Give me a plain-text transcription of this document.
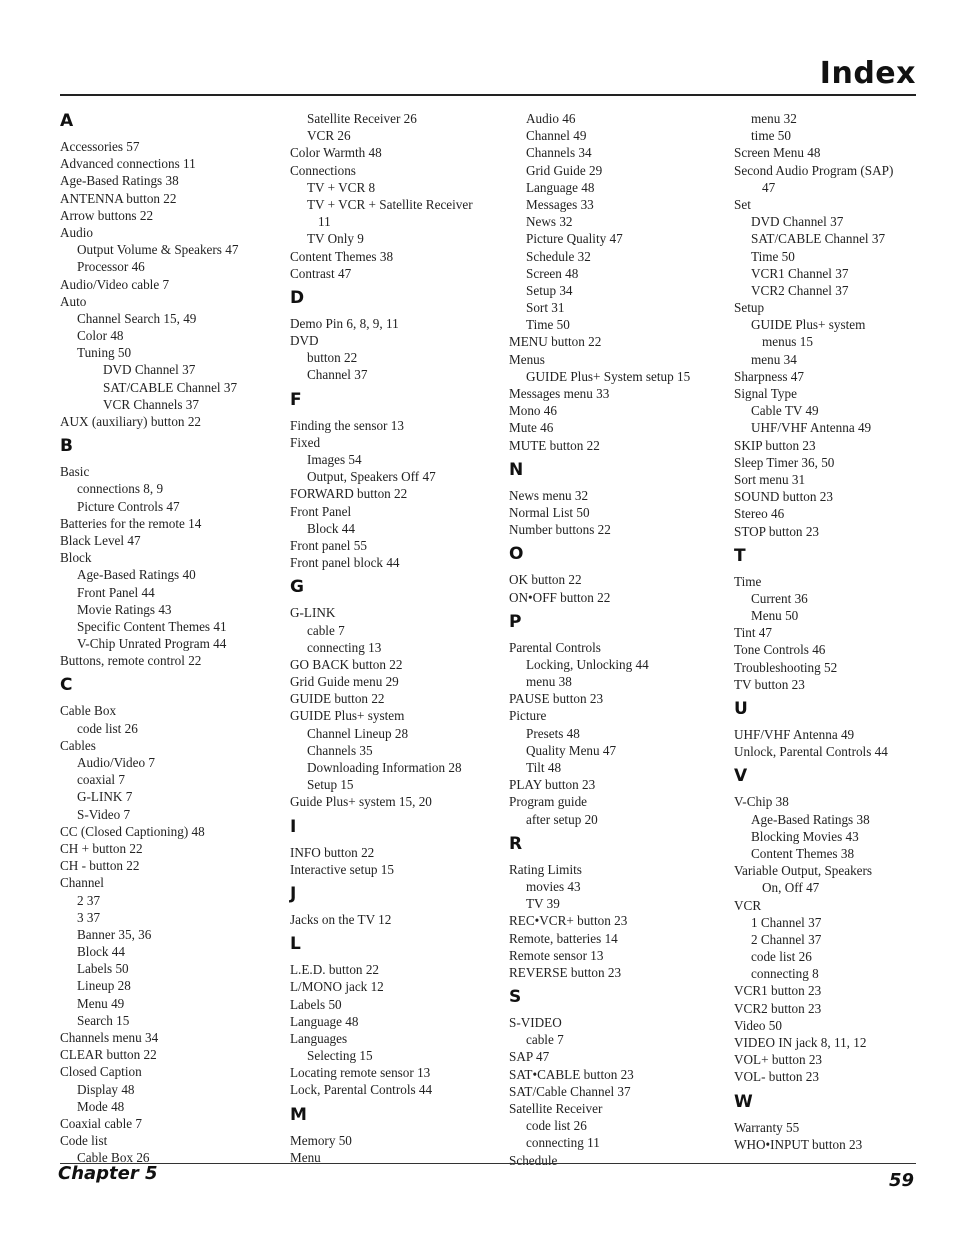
Index
A
Accessories 57
Advanced connections 11
Age-Based Ratings 38
ANTENNA button 22
Arrow buttons 22
Audio
Output Volume & Speakers 47
Processor 46
Audio/Video cable 7
Auto
Channel Search 15, 49
Color 48
Tuning 50
DVD Channel 37
SAT/CABLE Channel 37
VCR Channels 37
AUX (auxiliary) button 22
B
Basic
connections 8, 9
Picture Controls 47
Batteries for the remote 14
Black Level 47
Block
Age-Based Ratings 40
Front Panel 44
Movie Ratings 43
Specific Content Themes 41
V-Chip Unrated Program 44
Buttons, remote control 22
C
Cable Box
code list 26
Cables
Audio/Video 7
coaxial 7
G-LINK 7
S-Video 7
CC (Closed Captioning) 48
CH + button 22
CH - button 22
Channel
2 37
3 37
Banner 35, 36
Block 44
Labels 50
Lineup 28
Menu 49
Search 15
Channels menu 34
CLEAR button 22
Closed Caption
Display 48
Mode 48
Coaxial cable 7
Code list
Cable Box 26
Satellite Receiver 26
VCR 26
Color Warmth 48
Connections
TV + VCR 8
TV + VCR + Satellite Receiver
11
TV Only 9
Content Themes 38
Contrast 47
D
Demo Pin 6, 8, 9, 11
DVD
button 22
Channel 37
F
Finding the sensor 13
Fixed
Images 54
Output, Speakers Off 47
FORWARD button 22
Front Panel
Block 44
Front panel 55
Front panel block 44
G
G-LINK
cable 7
connecting 13
GO BACK button 22
Grid Guide menu 29
GUIDE button 22
GUIDE Plus+ system
Channel Lineup 28
Channels 35
Downloading Information 28
Setup 15
Guide Plus+ system 15, 20
I
INFO button 22
Interactive setup 15
J
Jacks on the TV 12
L
L.E.D. button 22
L/MONO jack 12
Labels 50
Language 48
Languages
Selecting 15
Locating remote sensor 13
Lock, Parental Controls 44
M
Memory 50
Menu
Audio 46
Channel 49
Channels 34
Grid Guide 29
Language 48
Messages 33
News 32
Picture Quality 47
Schedule 32
Screen 48
Setup 34
Sort 31
Time 50
MENU button 22
Menus
GUIDE Plus+ System setup 15
Messages menu 33
Mono 46
Mute 46
MUTE button 22
N
News menu 32
Normal List 50
Number buttons 22
O
OK button 22
ON•OFF button 22
P
Parental Controls
Locking, Unlocking 44
menu 38
PAUSE button 23
Picture
Presets 48
Quality Menu 47
Tilt 48
PLAY button 23
Program guide
after setup 20
R
Rating Limits
movies 43
TV 39
REC•VCR+ button 23
Remote, batteries 14
Remote sensor 13
REVERSE button 23
S
S-VIDEO
cable 7
SAP 47
SAT•CABLE button 23
SAT/Cable Channel 37
Satellite Receiver
code list 26
connecting 11
Schedule
menu 32
time 50
Screen Menu 48
Second Audio Program (SAP)
47
Set
DVD Channel 37
SAT/CABLE Channel 37
Time 50
VCR1 Channel 37
VCR2 Channel 37
Setup
GUIDE Plus+ system
menus 15
menu 34
Sharpness 47
Signal Type
Cable TV 49
UHF/VHF Antenna 49
SKIP button 23
Sleep Timer 36, 50
Sort menu 31
SOUND button 23
Stereo 46
STOP button 23
T
Time
Current 36
Menu 50
Tint 47
Tone Controls 46
Troubleshooting 52
TV button 23
U
UHF/VHF Antenna 49
Unlock, Parental Controls 44
V
V-Chip 38
Age-Based Ratings 38
Blocking Movies 43
Content Themes 38
Variable Output, Speakers
On, Off 47
VCR
1 Channel 37
2 Channel 37
code list 26
connecting 8
VCR1 button 23
VCR2 button 23
Video 50
VIDEO IN jack 8, 11, 12
VOL+ button 23
VOL- button 23
W
Warranty 55
WHO•INPUT button 23
Chapter 5	59
